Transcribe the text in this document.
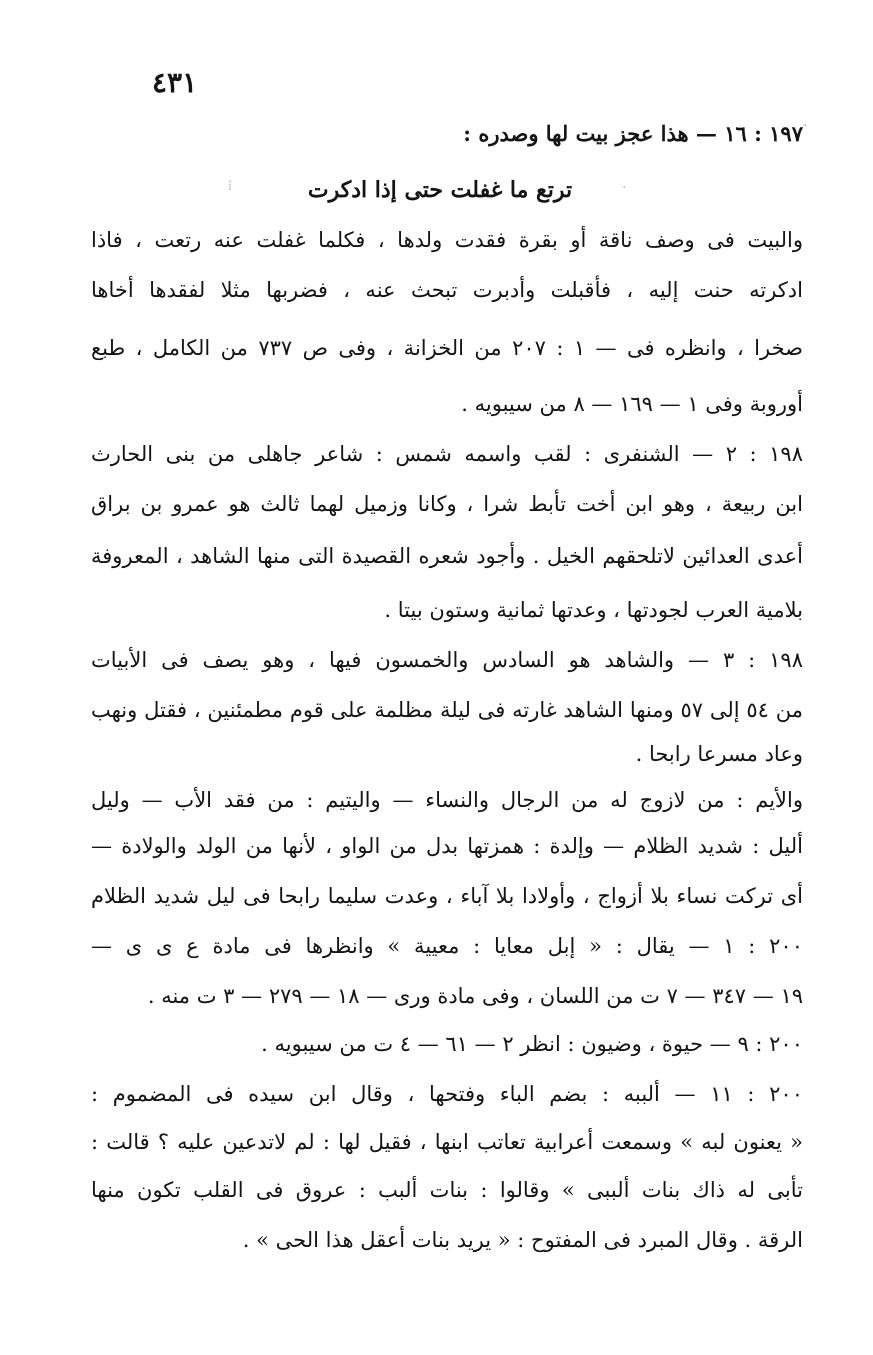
٤٣١
·
⁞	·
١٩٧ : ١٦ — هذا عجز بيت لها وصدره :
ترتع ما غفلت حتى إذا ادكرت
والبيت فى وصف ناقة أو بقرة فقدت ولدها ، فكلما غفلت عنه رتعت ، فاذا
ادكرته حنت إليه ، فأقبلت وأدبرت تبحث عنه ، فضربها مثلا لفقدها أخاها
صخرا ، وانظره فى — ١ : ٢٠٧ من الخزانة ، وفى ص ٧٣٧ من الكامل ، طبع
أوروبة وفى ١ — ١٦٩ — ٨ من سيبويه .
١٩٨ : ٢ — الشنفرى : لقب واسمه شمس : شاعر جاهلى من بنى الحارث
ابن ربيعة ، وهو ابن أخت تأبط شرا ، وكانا وزميل لهما ثالث هو عمرو بن براق
أعدى العدائين لاتلحقهم الخيل . وأجود شعره القصيدة التى منها الشاهد ، المعروفة
بلامية العرب لجودتها ، وعدتها ثمانية وستون بيتا .
١٩٨ : ٣ — والشاهد هو السادس والخمسون فيها ، وهو يصف فى الأبيات
من ٥٤ إلى ٥٧ ومنها الشاهد غارته فى ليلة مظلمة على قوم مطمئنين ، فقتل ونهب
وعاد مسرعا رابحا .
والأيم : من لازوج له من الرجال والنساء — واليتيم : من فقد الأب — وليل
أليل : شديد الظلام — وإلدة : همزتها بدل من الواو ، لأنها من الولد والولادة —
أى تركت نساء بلا أزواج ، وأولادا بلا آباء ، وعدت سليما رابحا فى ليل شديد الظلام
٢٠٠ : ١ — يقال : « إبل معايا : معيية » وانظرها فى مادة ع ى ى —
١٩ — ٣٤٧ — ٧ ت من اللسان ، وفى مادة ورى — ١٨ — ٢٧٩ — ٣ ت منه .
٢٠٠ : ٩ — حيوة ، وضيون : انظر ٢ — ٦١ — ٤ ت من سيبويه .
٢٠٠ : ١١ — ألببه : بضم الباء وفتحها ، وقال ابن سيده فى المضموم :
« يعنون لبه » وسمعت أعرابية تعاتب ابنها ، فقيل لها : لم لاتدعين عليه ؟ قالت :
تأبى له ذاك بنات ألببى » وقالوا : بنات ألبب : عروق فى القلب تكون منها
الرقة . وقال المبرد فى المفتوح : « يريد بنات أعقل هذا الحى » .
